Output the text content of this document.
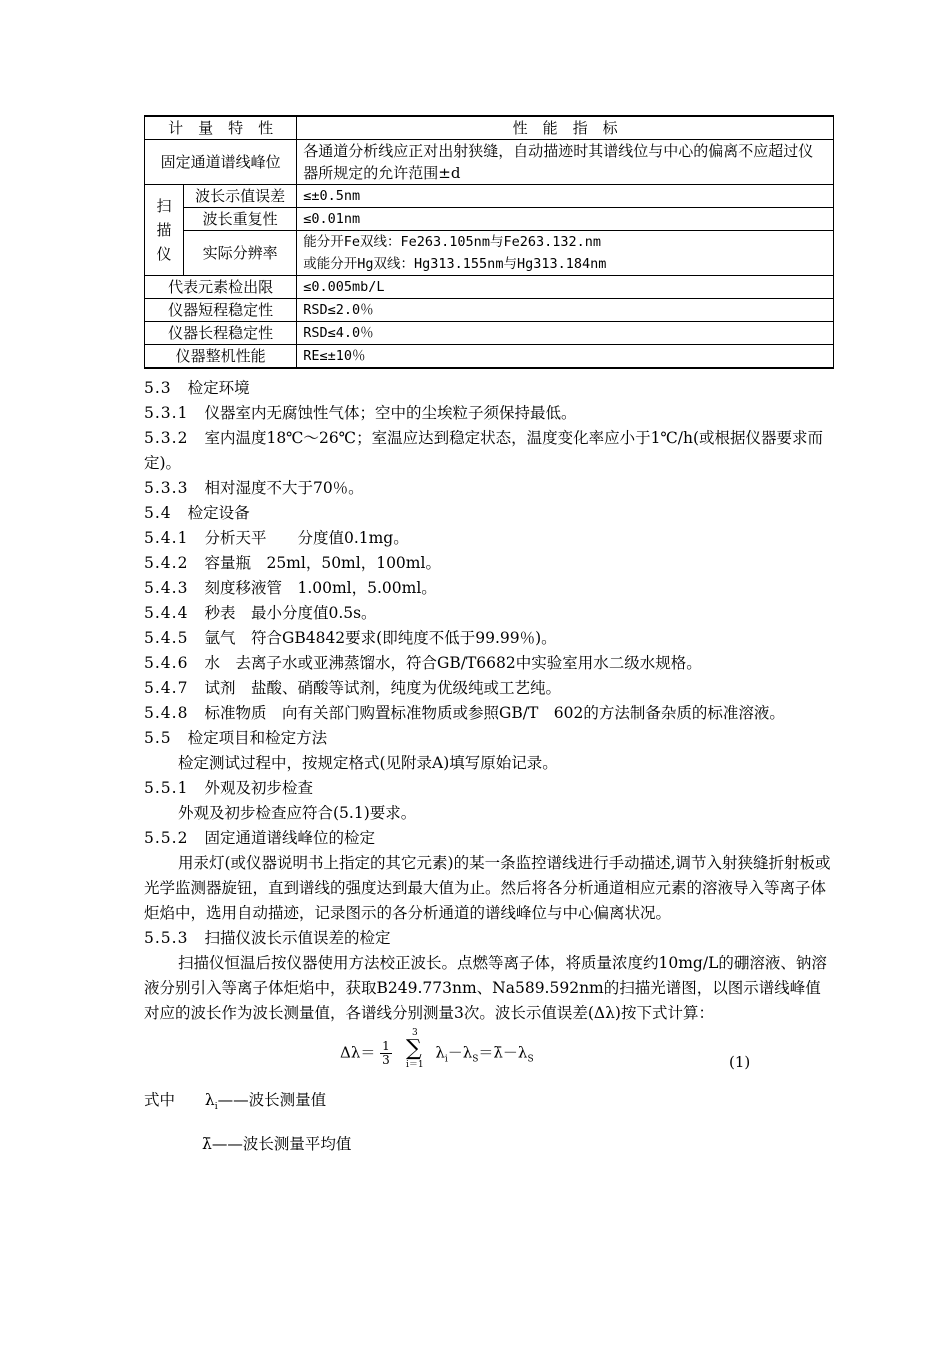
计　量　特　性		性　能　指　标
固定通道谱线峰位		各通道分析线应正对出射狭缝，自动描迹时其谱线位与中心的偏离不应超过仪器所规定的允许范围±d
扫
描
仪	波长示值误差	≤±0.5nm
	波长重复性	≤0.01nm
	实际分辨率	能分开Fe双线：Fe263.105nm与Fe263.132.nm
或能分开Hg双线：Hg313.155nm与Hg313.184nm
代表元素检出限		≤0.005mb/L
仪器短程稳定性		RSD≤2.0％
仪器长程稳定性		RSD≤4.0％
仪器整机性能		RE≤±10％

5.3 检定环境

5.3.1 仪器室内无腐蚀性气体；空中的尘埃粒子须保持最低。

5.3.2 室内温度18℃～26℃；室温应达到稳定状态，温度变化率应小于1℃/h(或根据仪器要求而定)。

5.3.3 相对湿度不大于70％。

5.4 检定设备

5.4.1 分析天平　　分度值0.1mg。

5.4.2 容量瓶　25ml，50ml，100ml。

5.4.3 刻度移液管　1.00ml，5.00ml。

5.4.4 秒表　最小分度值0.5s。

5.4.5 氩气　符合GB4842要求(即纯度不低于99.99％)。

5.4.6 水　去离子水或亚沸蒸馏水，符合GB/T6682中实验室用水二级水规格。

5.4.7 试剂　盐酸、硝酸等试剂，纯度为优级纯或工艺纯。

5.4.8 标准物质　向有关部门购置标准物质或参照GB/T　602的方法制备杂质的标准溶液。

5.5 检定项目和检定方法

检定测试过程中，按规定格式(见附录A)填写原始记录。

5.5.1 外观及初步检查

外观及初步检查应符合(5.1)要求。

5.5.2 固定通道谱线峰位的检定

用汞灯(或仪器说明书上指定的其它元素)的某一条监控谱线进行手动描述,调节入射狭缝折射板或光学监测器旋钮，直到谱线的强度达到最大值为止。然后将各分析通道相应元素的溶液导入等离子体炬焰中，选用自动描迹，记录图示的各分析通道的谱线峰位与中心偏离状况。

5.5.3 扫描仪波长示值误差的检定

扫描仪恒温后按仪器使用方法校正波长。点燃等离子体，将质量浓度约10mg/L的硼溶液、钠溶液分别引入等离子体炬焰中，获取B249.773nm、Na589.592nm的扫描光谱图，以图示谱线峰值对应的波长作为波长测量值，各谱线分别测量3次。波长示值误差(Δλ)按下式计算：

$\Delta\lambda= \frac{1}{3}$	$\lambda_i-\lambda_S=\lambdā-\lambda_S$
3
∑
i＝1	(1)

式中 $\lambda_i——$波长测量值

λ̄——波长测量平均值
